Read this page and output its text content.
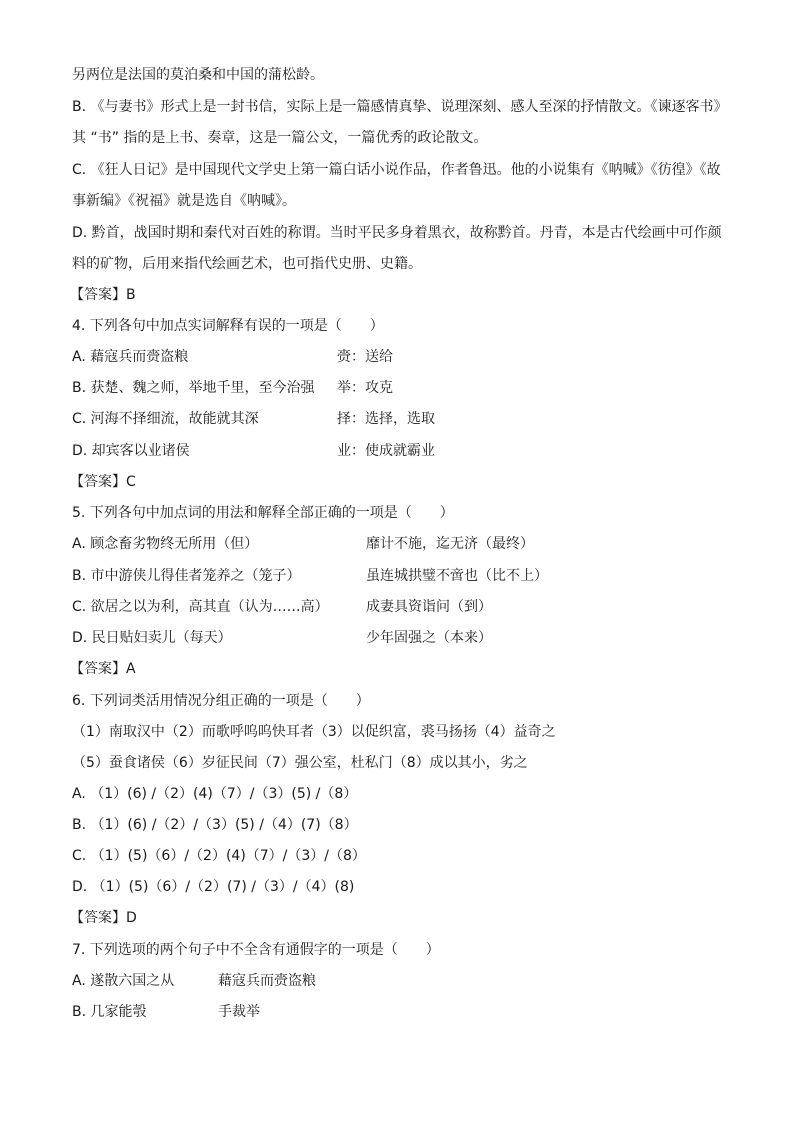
另两位是法国的莫泊桑和中国的蒲松龄。
B. 《与妻书》形式上是一封书信，实际上是一篇感情真挚、说理深刻、感人至深的抒情散文。《谏逐客书》
其 “书” 指的是上书、奏章，这是一篇公文，一篇优秀的政论散文。
C. 《狂人日记》是中国现代文学史上第一篇白话小说作品，作者鲁迅。他的小说集有《呐喊》《彷徨》《故
事新编》《祝福》就是选自《呐喊》。
D. 黔首，战国时期和秦代对百姓的称谓。当时平民多身着黑衣，故称黔首。丹青，本是古代绘画中可作颜
料的矿物，后用来指代绘画艺术，也可指代史册、史籍。
【答案】B
4. 下列各句中加点实词解释有误的一项是（　　）
A. 藉寇兵而赍盗粮	赍：送给
B. 获楚、魏之师，举地千里，至今治强 举：攻克
C. 河海不择细流，故能就其深	择：选择，选取
D. 却宾客以业诸侯	业：使成就霸业
【答案】C
5. 下列各句中加点词的用法和解释全部正确的一项是（　　）
A. 顾念畜劣物终无所用（但）	靡计不施，迄无济（最终）
B. 市中游侠儿得佳者笼养之（笼子）	虽连城拱璧不啻也（比不上）
C. 欲居之以为利，高其直（认为……高）	成妻具资诣问（到）
D. 民日贴妇卖儿（每天）	少年固强之（本来）
【答案】A
6. 下列词类活用情况分组正确的一项是（　　）
（1）南取汉中（2）而歌呼呜呜快耳者（3）以促织富，裘马扬扬（4）益奇之
（5）蚕食诸侯（6）岁征民间（7）强公室，杜私门（8）成以其小，劣之
A. （1）(6) /（2）(4)（7）/（3）(5) /（8）
B. （1）(6) /（2）/（3）(5) /（4）(7)（8）
C. （1）(5)（6）/（2）(4)（7）/（3）/（8）
D. （1）(5)（6）/（2）(7) /（3）/（4）(8)
【答案】D
7. 下列选项的两个句子中不全含有通假字的一项是（　　）
A. 遂散六国之从	藉寇兵而赍盗粮
B. 几家能彀	手裁举
